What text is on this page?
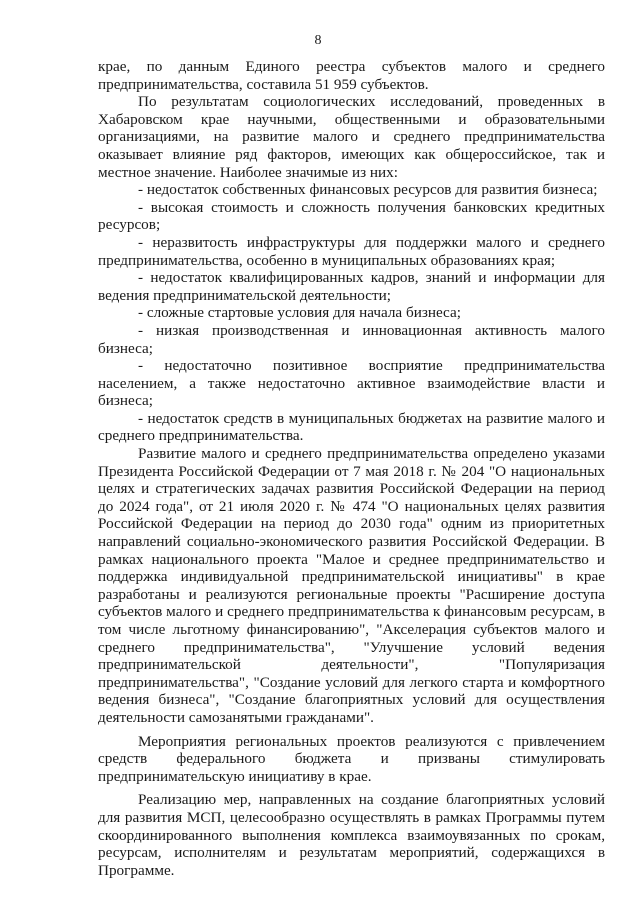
8

крае, по данным Единого реестра субъектов малого и среднего предпринимательства, составила 51 959 субъектов.

По результатам социологических исследований, проведенных в Хабаровском крае научными, общественными и образовательными организациями, на развитие малого и среднего предпринимательства оказывает влияние ряд факторов, имеющих как общероссийское, так и местное значение. Наиболее значимые из них:

- недостаток собственных финансовых ресурсов для развития бизнеса;

- высокая стоимость и сложность получения банковских кредитных ресурсов;

- неразвитость инфраструктуры для поддержки малого и среднего предпринимательства, особенно в муниципальных образованиях края;

- недостаток квалифицированных кадров, знаний и информации для ведения предпринимательской деятельности;

- сложные стартовые условия для начала бизнеса;

- низкая производственная и инновационная активность малого бизнеса;

- недостаточно позитивное восприятие предпринимательства населением, а также недостаточно активное взаимодействие власти и бизнеса;

- недостаток средств в муниципальных бюджетах на развитие малого и среднего предпринимательства.

Развитие малого и среднего предпринимательства определено указами Президента Российской Федерации от 7 мая 2018 г. № 204 "О национальных целях и стратегических задачах развития Российской Федерации на период до 2024 года", от 21 июля 2020 г. № 474 "О национальных целях развития Российской Федерации на период до 2030 года" одним из приоритетных направлений социально-экономического развития Российской Федерации. В рамках национального проекта "Малое и среднее предпринимательство и поддержка индивидуальной предпринимательской инициативы" в крае разработаны и реализуются региональные проекты "Расширение доступа субъектов малого и среднего предпринимательства к финансовым ресурсам, в том числе льготному финансированию", "Акселерация субъектов малого и среднего предпринимательства", "Улучшение условий ведения предпринимательской деятельности", "Популяризация предпринимательства", "Создание условий для легкого старта и комфортного ведения бизнеса", "Создание благоприятных условий для осуществления деятельности самозанятыми гражданами".

Мероприятия региональных проектов реализуются с привлечением средств федерального бюджета и призваны стимулировать предпринимательскую инициативу в крае.

Реализацию мер, направленных на создание благоприятных условий для развития МСП, целесообразно осуществлять в рамках Программы путем скоординированного выполнения комплекса взаимоувязанных по срокам, ресурсам, исполнителям и результатам мероприятий, содержащихся в Программе.
